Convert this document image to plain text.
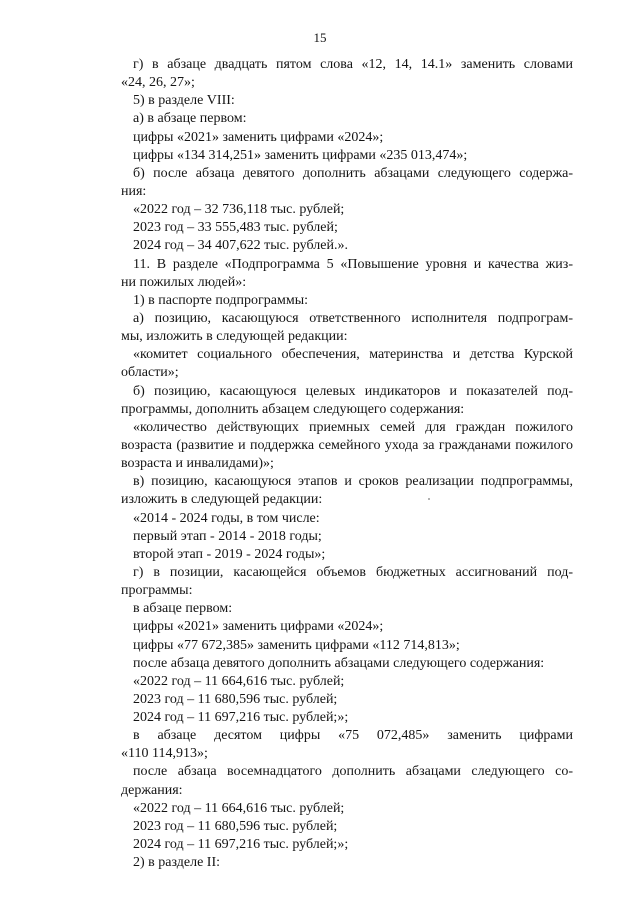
15
г) в абзаце двадцать пятом слова «12, 14, 14.1» заменить словами
«24, 26, 27»;
5) в разделе VIII:
а) в абзаце первом:
цифры «2021» заменить цифрами «2024»;
цифры «134 314,251» заменить цифрами «235 013,474»;
б) после абзаца девятого дополнить абзацами следующего содержа-
ния:
«2022 год – 32 736,118 тыс. рублей;
2023 год – 33 555,483 тыс. рублей;
2024 год – 34 407,622 тыс. рублей.».
11. В разделе «Подпрограмма 5 «Повышение уровня и качества жиз-
ни пожилых людей»:
1) в паспорте подпрограммы:
а) позицию, касающуюся ответственного исполнителя подпрограм-
мы, изложить в следующей редакции:
«комитет социального обеспечения, материнства и детства Курской
области»;
б) позицию, касающуюся целевых индикаторов и показателей под-
программы, дополнить абзацем следующего содержания:
«количество действующих приемных семей для граждан пожилого
возраста (развитие и поддержка семейного ухода за гражданами пожилого
возраста и инвалидами)»;
в) позицию, касающуюся этапов и сроков реализации подпрограммы,
изложить в следующей редакции:
«2014 - 2024 годы, в том числе:
первый этап - 2014 - 2018 годы;
второй этап - 2019 - 2024 годы»;
г) в позиции, касающейся объемов бюджетных ассигнований под-
программы:
в абзаце первом:
цифры «2021» заменить цифрами «2024»;
цифры «77 672,385» заменить цифрами «112 714,813»;
после абзаца девятого дополнить абзацами следующего содержания:
«2022 год – 11 664,616 тыс. рублей;
2023 год – 11 680,596 тыс. рублей;
2024 год – 11 697,216 тыс. рублей;»;
в абзаце десятом цифры «75 072,485» заменить цифрами
«110 114,913»;
после абзаца восемнадцатого дополнить абзацами следующего со-
держания:
«2022 год – 11 664,616 тыс. рублей;
2023 год – 11 680,596 тыс. рублей;
2024 год – 11 697,216 тыс. рублей;»;
2) в разделе II:
